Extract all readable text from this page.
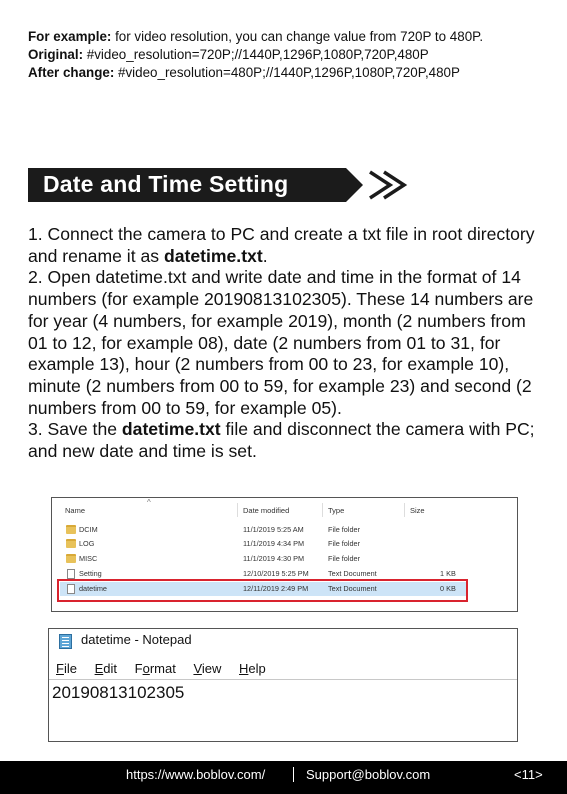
For example: for video resolution, you can change value from 720P to 480P.
Original: #video_resolution=720P;//1440P,1296P,1080P,720P,480P
After change: #video_resolution=480P;//1440P,1296P,1080P,720P,480P
Date and Time Setting

1. Connect the camera to PC and create a txt file in root directory and rename it as datetime.txt.

2. Open datetime.txt and write date and time in the format of 14 numbers (for example 20190813102305). These 14 numbers are for year (4 numbers, for example 2019), month (2 numbers from 01 to 12, for example 08), date (2 numbers from 01 to 31, for example 13), hour (2 numbers from 00 to 23, for example 10), minute (2 numbers from 00 to 59, for example 23) and second (2 numbers from 00 to 59, for example 05).

3. Save the datetime.txt file and disconnect the camera with PC; and new date and time is set.

^
Name	Date modified	Type	Size
DCIM	11/1/2019 5:25 AM	File folder
LOG	11/1/2019 4:34 PM	File folder
MISC	11/1/2019 4:30 PM	File folder
Setting	12/10/2019 5:25 PM	Text Document	1 KB
datetime	12/11/2019 2:49 PM	Text Document	0 KB
datetime - Notepad
File Edit Format View Help
20190813102305
https://www.boblov.com/	Support@boblov.com	<11>
